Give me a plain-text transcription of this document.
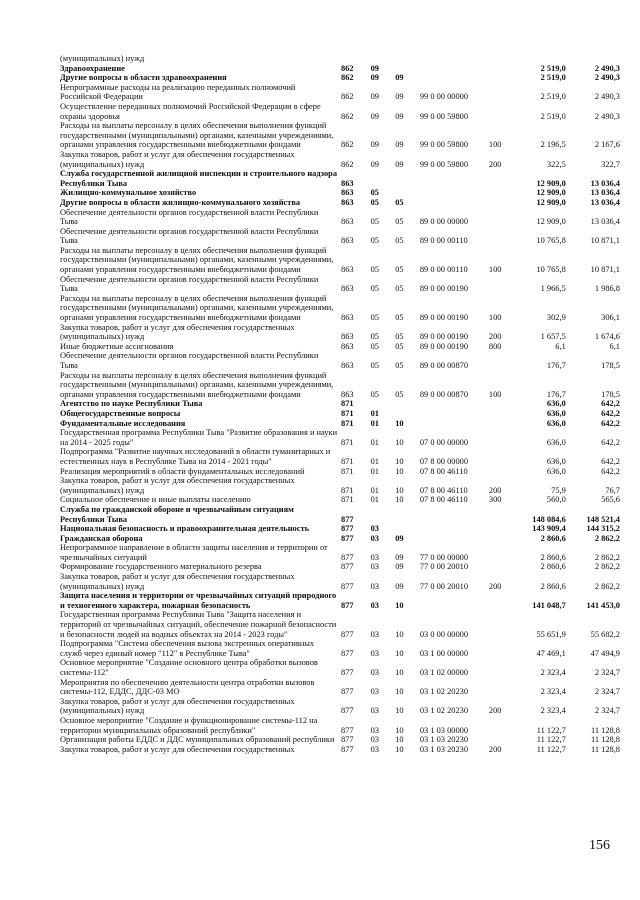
(муниципальных) нужд
Здравоохранение	862	09	2 519,0	2 490,3
Другие вопросы в области здравоохранения	862	09	09	2 519,0	2 490,3
Непрограммные расходы на реализацию переданных полномочий Российской Федерации	862	09	09	99 0 00 00000	2 519,0	2 490,3
Осуществление переданных полномочий Российской Федерации в сфере охраны здоровья	862	09	09	99 0 00 59800	2 519,0	2 490,3
Расходы на выплаты персоналу в целях обеспечения выполнения функций государственными (муниципальными) органами, казенными учреждениями, органами управления государственными внебюджетными фондами	862	09	09	99 0 00 59800	100	2 196,5	2 167,6
Закупка товаров, работ и услуг для обеспечения государственных (муниципальных) нужд	862	09	09	99 0 00 59800	200	322,5	322,7
Служба государственной жилищной инспекции и строительного надзора Республики Тыва	863	12 909,0	13 036,4
Жилищно-коммунальное хозяйство	863	05	12 909,0	13 036,4
Другие вопросы в области жилищно-коммунального хозяйства	863	05	05	12 909,0	13 036,4
Обеспечение деятельности органов государственной власти Республики Тыва	863	05	05	89 0 00 00000	12 909,0	13 036,4
Обеспечение деятельности органов государственной власти Республики Тыва	863	05	05	89 0 00 00110	10 765,8	10 871,1
Расходы на выплаты персоналу в целях обеспечения выполнения функций государственными (муниципальными) органами, казенными учреждениями, органами управления государственными внебюджетными фондами	863	05	05	89 0 00 00110	100	10 765,8	10 871,1
Обеспечение деятельности органов государственной власти Республики Тыва	863	05	05	89 0 00 00190	1 966,5	1 986,8
Расходы на выплаты персоналу в целях обеспечения выполнения функций государственными (муниципальными) органами, казенными учреждениями, органами управления государственными внебюджетными фондами	863	05	05	89 0 00 00190	100	302,9	306,1
Закупка товаров, работ и услуг для обеспечения государственных (муниципальных) нужд	863	05	05	89 0 00 00190	200	1 657,5	1 674,6
Иные бюджетные ассигнования	863	05	05	89 0 00 00190	800	6,1	6,1
Обеспечение деятельности органов государственной власти Республики Тыва	863	05	05	89 0 00 00870	176,7	178,5
Расходы на выплаты персоналу в целях обеспечения выполнения функций государственными (муниципальными) органами, казенными учреждениями, органами управления государственными внебюджетными фондами	863	05	05	89 0 00 00870	100	176,7	178,5
Агентство по науке Республики Тыва	871	636,0	642,2
Общегосударственные вопросы	871	01	636,0	642,2
Фундаментальные исследования	871	01	10	636,0	642,2
Государственная программа Республики Тыва "Развитие образования и науки на 2014 - 2025 годы"	871	01	10	07 0 00 00000	636,0	642,2
Подпрограмма "Развитие научных исследований в области гуманитарных и естественных наук в Республике Тыва на 2014 - 2021 годы"	871	01	10	07 8 00 00000	636,0	642,2
Реализация мероприятий в области фундаментальных исследований	871	01	10	07 8 00 46110	636,0	642,2
Закупка товаров, работ и услуг для обеспечения государственных (муниципальных) нужд	871	01	10	07 8 00 46110	200	75,9	76,7
Социальное обеспечение и иные выплаты населению	871	01	10	07 8 00 46110	300	560,0	565,6
Служба по гражданской обороне и чрезвычайным ситуациям Республики Тыва	877	148 084,6	148 521,4
Национальная безопасность и правоохранительная деятельность	877	03	143 909,4	144 315,2
Гражданская оборона	877	03	09	2 860,6	2 862,2
Непрограммное направление в области защиты населения и территории от чрезвычайных ситуаций	877	03	09	77 0 00 00000	2 860,6	2 862,2
Формирование государственного материального резерва	877	03	09	77 0 00 20010	2 860,6	2 862,2
Закупка товаров, работ и услуг для обеспечения государственных (муниципальных) нужд	877	03	09	77 0 00 20010	200	2 860,6	2 862,2
Защита населения и территории от чрезвычайных ситуаций природного и техногенного характера, пожарная безопасность	877	03	10	141 048,7	141 453,0
Государственная программа Республики Тыва "Защита населения и территорий от чрезвычайных ситуаций, обеспечение пожарной безопасности и безопасности людей на водных объектах на 2014 - 2023 годы"	877	03	10	03 0 00 00000	55 651,9	55 682,2
Подпрограмма "Система обеспечения вызова экстренных оперативных служб через единый номер "112" в Республике Тыва"	877	03	10	03 1 00 00000	47 469,1	47 494,9
Основное мероприятие "Создание основного центра обработки вызовов системы-112"	877	03	10	03 1 02 00000	2 323,4	2 324,7
Мероприятия по обеспечению деятельности центра отработки вызовов системы-112, ЕДДС, ДДС-03 МО	877	03	10	03 1 02 20230	2 323,4	2 324,7
Закупка товаров, работ и услуг для обеспечения государственных (муниципальных) нужд	877	03	10	03 1 02 20230	200	2 323,4	2 324,7
Основное мероприятие "Создание и функционирование системы-112 на территории муниципальных образований республики"	877	03	10	03 1 03 00000	11 122,7	11 128,8
Организация работы ЕДДС и ДДС муниципальных образований республики 877	03	10	03 1 03 20230	11 122,7	11 128,8
Закупка товаров, работ и услуг для обеспечения государственных	877	03	10	03 1 03 20230	200	11 122,7	11 128,8
156
